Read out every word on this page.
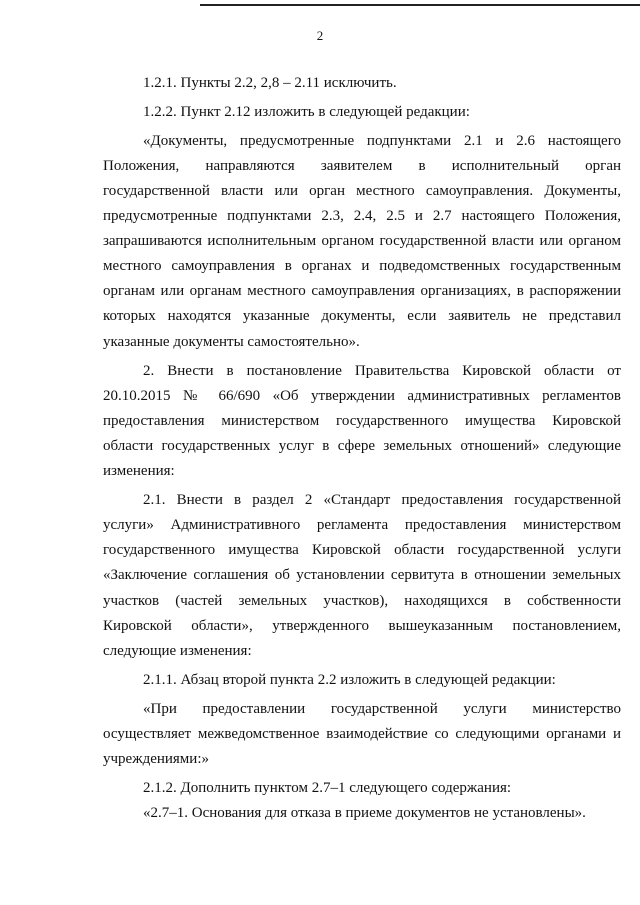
2
1.2.1. Пункты 2.2, 2,8 – 2.11 исключить.
1.2.2. Пункт 2.12 изложить в следующей редакции:
«Документы, предусмотренные подпунктами 2.1 и 2.6 настоящего
Положения, направляются заявителем в исполнительный орган
государственной власти или орган местного самоуправления. Документы,
предусмотренные подпунктами 2.3, 2.4, 2.5 и 2.7 настоящего Положения,
запрашиваются исполнительным органом государственной власти или органом
местного самоуправления в органах и подведомственных государственным
органам или органам местного самоуправления организациях, в распоряжении
которых находятся указанные документы, если заявитель не представил
указанные документы самостоятельно».
2. Внести в постановление Правительства Кировской области от
20.10.2015 № 66/690 «Об утверждении административных регламентов
предоставления министерством государственного имущества Кировской
области государственных услуг в сфере земельных отношений» следующие
изменения:
2.1. Внести в раздел 2 «Стандарт предоставления государственной
услуги» Административного регламента предоставления министерством
государственного имущества Кировской области государственной услуги
«Заключение соглашения об установлении сервитута в отношении земельных
участков (частей земельных участков), находящихся в собственности
Кировской области», утвержденного вышеуказанным постановлением,
следующие изменения:
2.1.1. Абзац второй пункта 2.2 изложить в следующей редакции:
«При предоставлении государственной услуги министерство
осуществляет межведомственное взаимодействие со следующими органами и
учреждениями:»
2.1.2. Дополнить пунктом 2.7–1 следующего содержания:
«2.7–1. Основания для отказа в приеме документов не установлены».
